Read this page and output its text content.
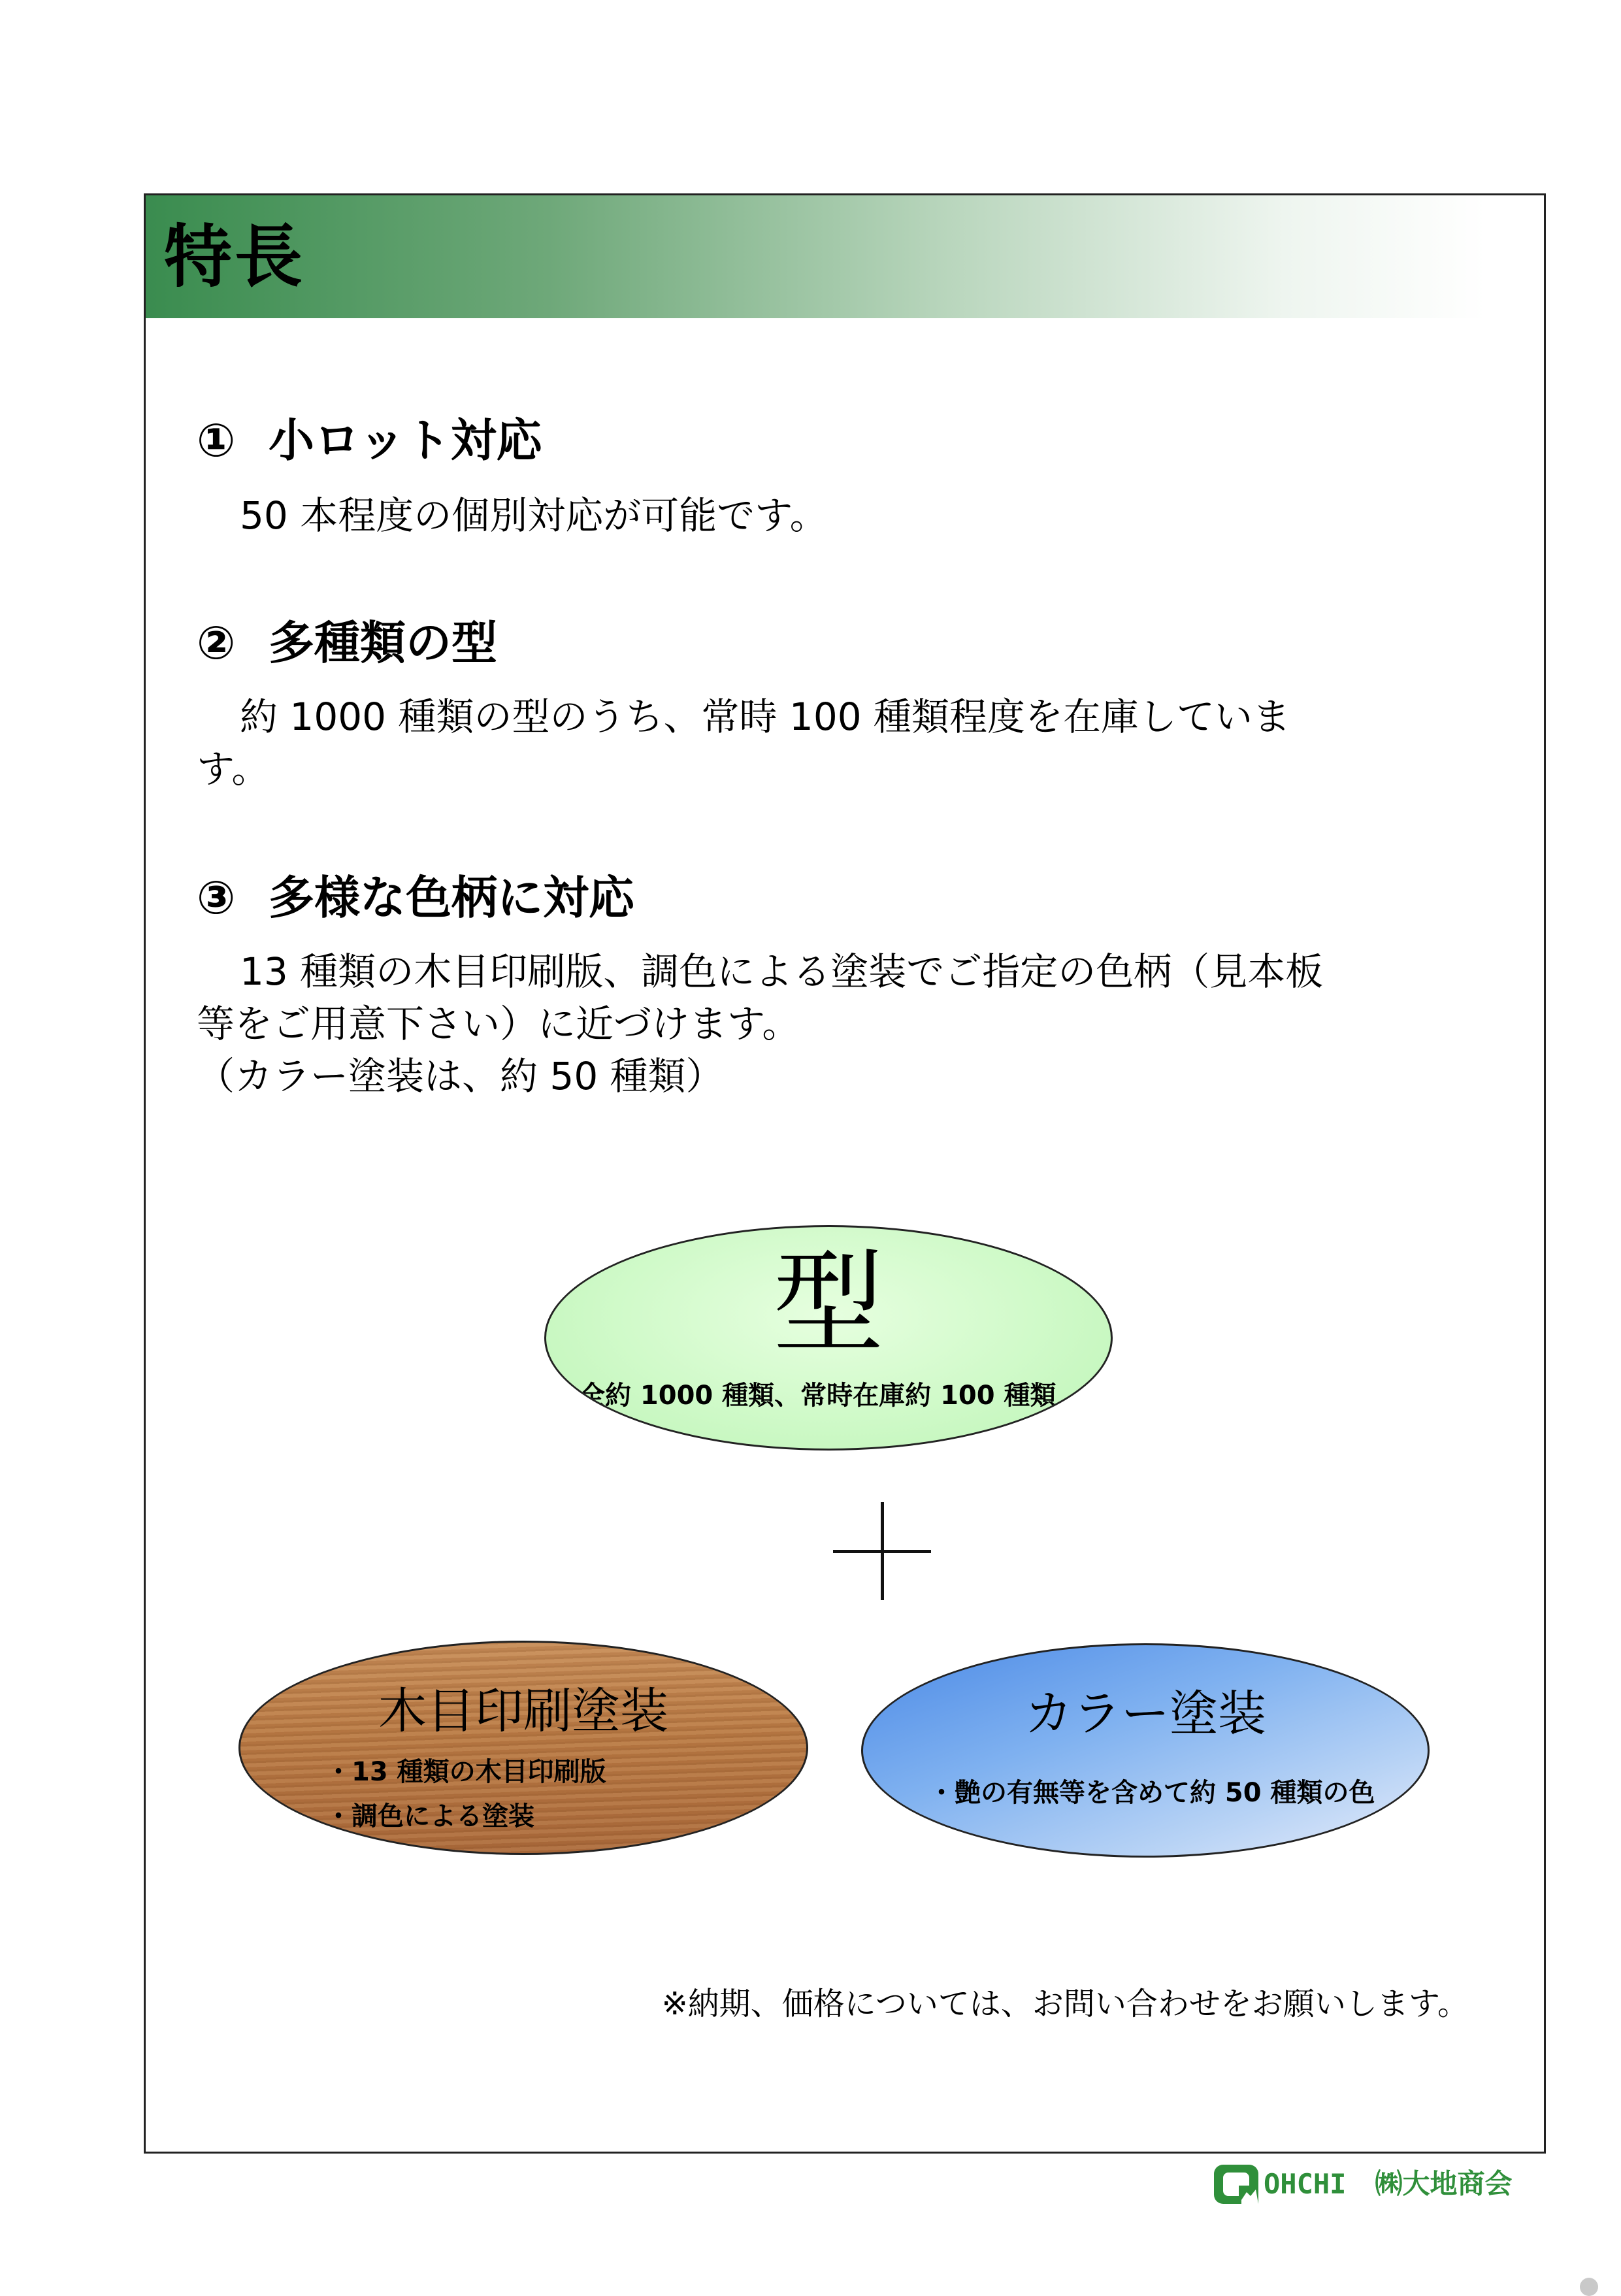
特長
① 小ロット対応
50 本程度の個別対応が可能です。
② 多種類の型
約 1000 種類の型のうち、常時 100 種類程度を在庫していま
す。
③ 多様な色柄に対応
13 種類の木目印刷版、調色による塗装でご指定の色柄（見本板
等をご用意下さい）に近づけます。
（カラー塗装は、約 50 種類）
型
全約 1000 種類、常時在庫約 100 種類
木目印刷塗装
・13 種類の木目印刷版
・調色による塗装
カラー塗装
・艶の有無等を含めて約 50 種類の色
※納期、価格については、お問い合わせをお願いします。
OHCHI ㈱大地商会
